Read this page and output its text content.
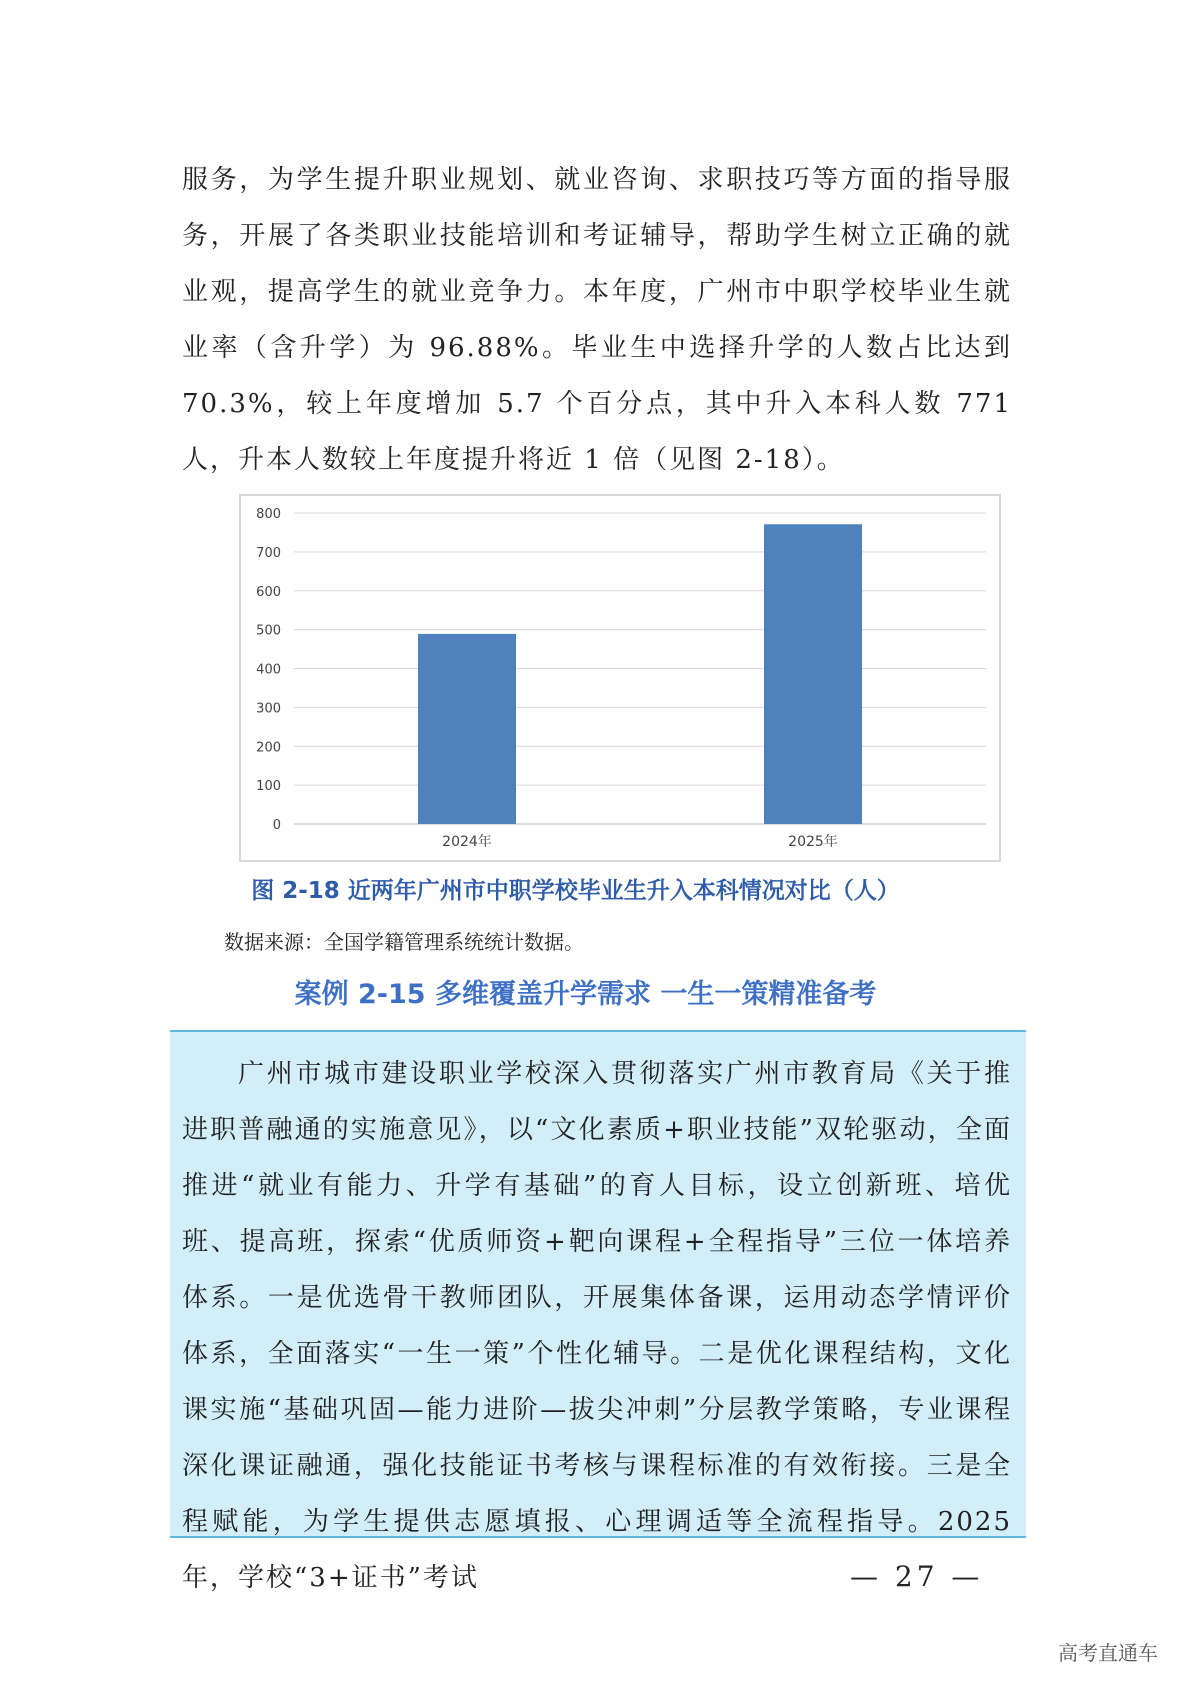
服务，为学生提升职业规划、就业咨询、求职技巧等方面的指导服务，开展了各类职业技能培训和考证辅导，帮助学生树立正确的就业观，提高学生的就业竞争力。本年度，广州市中职学校毕业生就业率（含升学）为 96.88%。毕业生中选择升学的人数占比达到 70.3%，较上年度增加 5.7 个百分点，其中升入本科人数 771 人，升本人数较上年度提升将近 1 倍（见图 2-18）。

0
100
200
300
400
500
600
700
800
2024年	2025年
图 2-18 近两年广州市中职学校毕业生升入本科情况对比（人）
数据来源：全国学籍管理系统统计数据。
案例 2-15 多维覆盖升学需求 一生一策精准备考

广州市城市建设职业学校深入贯彻落实广州市教育局《关于推进职普融通的实施意见》，以“文化素质+职业技能”双轮驱动，全面推进“就业有能力、升学有基础”的育人目标，设立创新班、培优班、提高班，探索“优质师资+靶向课程+全程指导”三位一体培养体系。一是优选骨干教师团队，开展集体备课，运用动态学情评价体系，全面落实“一生一策”个性化辅导。二是优化课程结构，文化课实施“基础巩固—能力进阶—拔尖冲刺”分层教学策略，专业课程深化课证融通，强化技能证书考核与课程标准的有效衔接。三是全程赋能，为学生提供志愿填报、心理调适等全流程指导。2025 年，学校“3+证书”考试	— 27 —
高考直通车
